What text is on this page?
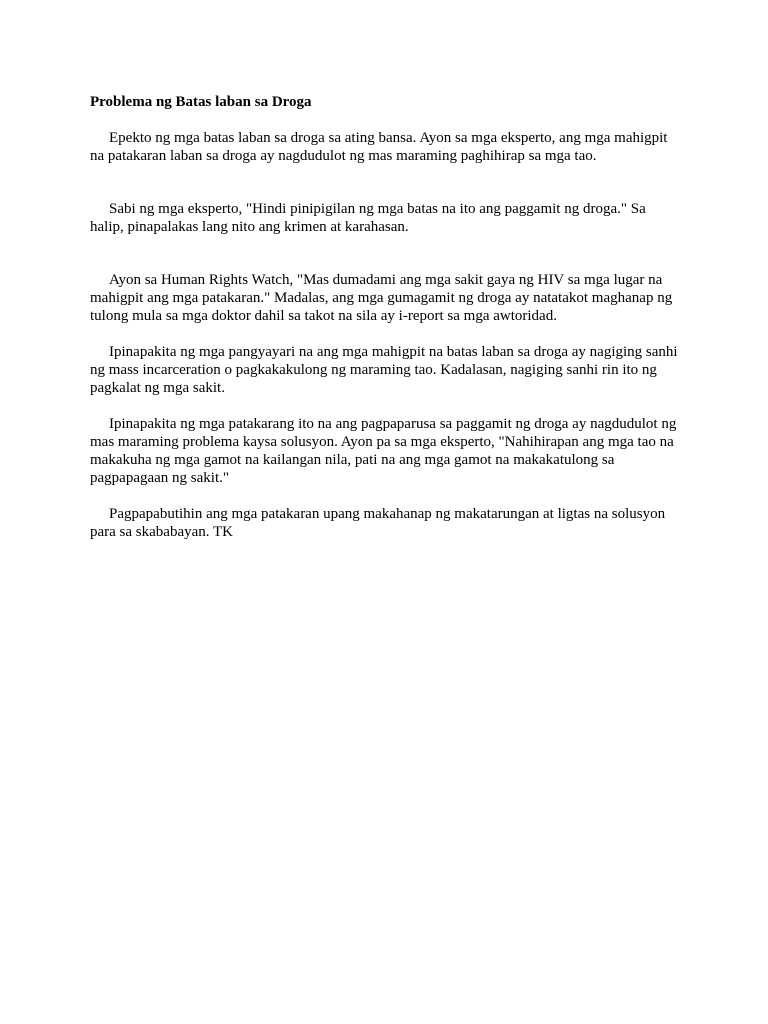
Problema ng Batas laban sa Droga

Epekto ng mga batas laban sa droga sa ating bansa. Ayon sa mga eksperto, ang mga mahigpit na patakaran laban sa droga ay nagdudulot ng mas maraming paghihirap sa mga tao.

Sabi ng mga eksperto, "Hindi pinipigilan ng mga batas na ito ang paggamit ng droga." Sa halip, pinapalakas lang nito ang krimen at karahasan.

Ayon sa Human Rights Watch, "Mas dumadami ang mga sakit gaya ng HIV sa mga lugar na mahigpit ang mga patakaran." Madalas, ang mga gumagamit ng droga ay natatakot maghanap ng tulong mula sa mga doktor dahil sa takot na sila ay i-report sa mga awtoridad.

Ipinapakita ng mga pangyayari na ang mga mahigpit na batas laban sa droga ay nagiging sanhi ng mass incarceration o pagkakakulong ng maraming tao. Kadalasan, nagiging sanhi rin ito ng pagkalat ng mga sakit.

Ipinapakita ng mga patakarang ito na ang pagpaparusa sa paggamit ng droga ay nagdudulot ng mas maraming problema kaysa solusyon. Ayon pa sa mga eksperto, "Nahihirapan ang mga tao na makakuha ng mga gamot na kailangan nila, pati na ang mga gamot na makakatulong sa pagpapagaan ng sakit."

Pagpapabutihin ang mga patakaran upang makahanap ng makatarungan at ligtas na solusyon para sa skababayan. TK
